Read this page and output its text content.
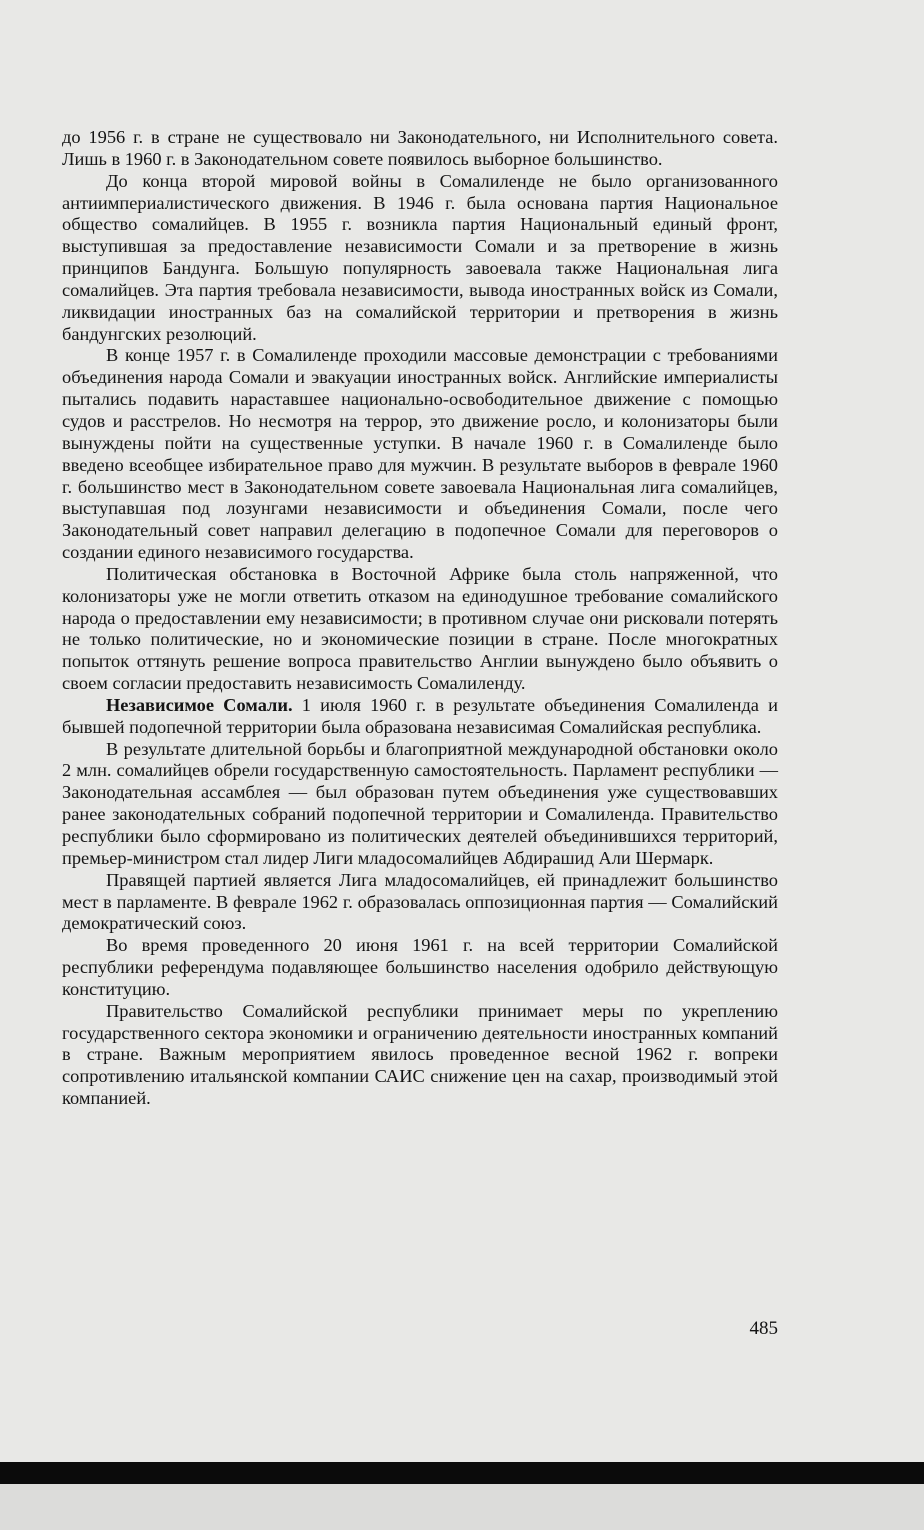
до 1956 г. в стране не существовало ни Законодательного, ни Исполнительного совета. Лишь в 1960 г. в Законодательном совете появилось выборное большинство.

До конца второй мировой войны в Сомалиленде не было организованного антиимпериалистического движения. В 1946 г. была основана партия Национальное общество сомалийцев. В 1955 г. возникла партия Национальный единый фронт, выступившая за предоставление независимости Сомали и за претворение в жизнь принципов Бандунга. Большую популярность завоевала также Национальная лига сомалийцев. Эта партия требовала независимости, вывода иностранных войск из Сомали, ликвидации иностранных баз на сомалийской территории и претворения в жизнь бандунгских резолюций.

В конце 1957 г. в Сомалиленде проходили массовые демонстрации с требованиями объединения народа Сомали и эвакуации иностранных войск. Английские империалисты пытались подавить нараставшее национально-освободительное движение с помощью судов и расстрелов. Но несмотря на террор, это движение росло, и колонизаторы были вынуждены пойти на существенные уступки. В начале 1960 г. в Сомалиленде было введено всеобщее избирательное право для мужчин. В результате выборов в феврале 1960 г. большинство мест в Законодательном совете завоевала Национальная лига сомалийцев, выступавшая под лозунгами независимости и объединения Сомали, после чего Законодательный совет направил делегацию в подопечное Сомали для переговоров о создании единого независимого государства.

Политическая обстановка в Восточной Африке была столь напряженной, что колонизаторы уже не могли ответить отказом на единодушное требование сомалийского народа о предоставлении ему независимости; в противном случае они рисковали потерять не только политические, но и экономические позиции в стране. После многократных попыток оттянуть решение вопроса правительство Англии вынуждено было объявить о своем согласии предоставить независимость Сомалиленду.

Независимое Сомали. 1 июля 1960 г. в результате объединения Сомалиленда и бывшей подопечной территории была образована независимая Сомалийская республика.

В результате длительной борьбы и благоприятной международной обстановки около 2 млн. сомалийцев обрели государственную самостоятельность. Парламент республики — Законодательная ассамблея — был образован путем объединения уже существовавших ранее законодательных собраний подопечной территории и Сомалиленда. Правительство республики было сформировано из политических деятелей объединившихся территорий, премьер-министром стал лидер Лиги младосомалийцев Абдирашид Али Шермарк.

Правящей партией является Лига младосомалийцев, ей принадлежит большинство мест в парламенте. В феврале 1962 г. образовалась оппозиционная партия — Сомалийский демократический союз.

Во время проведенного 20 июня 1961 г. на всей территории Сомалийской республики референдума подавляющее большинство населения одобрило действующую конституцию.

Правительство Сомалийской республики принимает меры по укреплению государственного сектора экономики и ограничению деятельности иностранных компаний в стране. Важным мероприятием явилось проведенное весной 1962 г. вопреки сопротивлению итальянской компании САИС снижение цен на сахар, производимый этой компанией.

485
